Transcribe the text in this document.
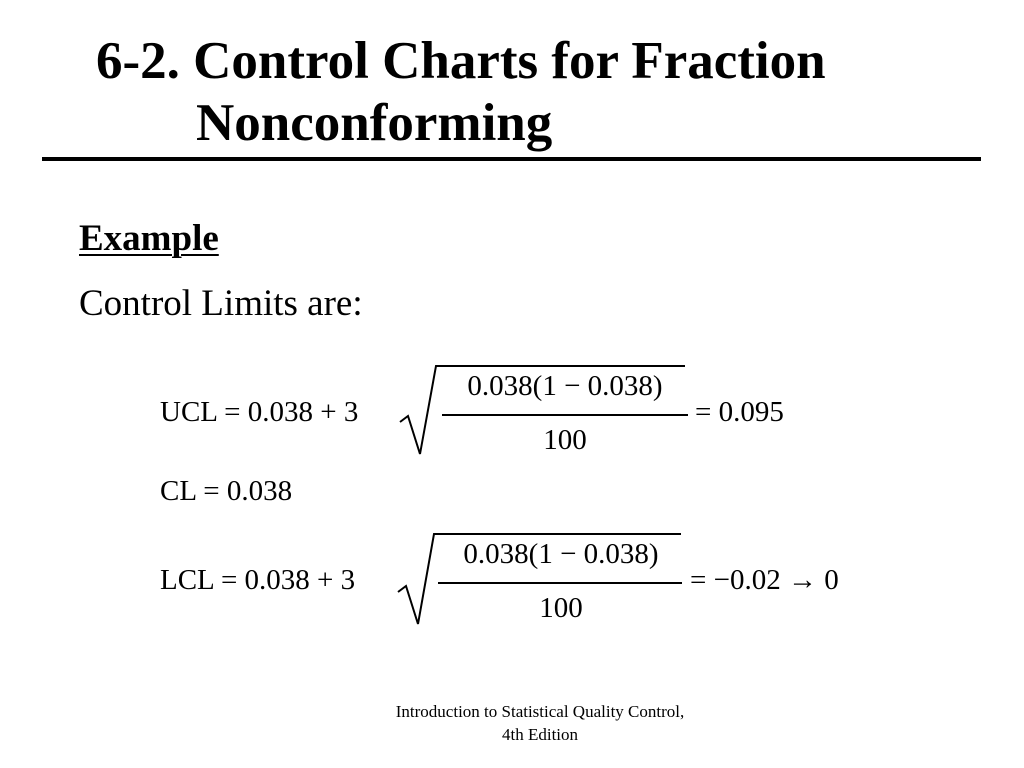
6-2. Control Charts for Fraction
Nonconforming
Example
Control Limits are:
UCL = 0.038 + 3
0.038(1 − 0.038)
100
= 0.095
CL = 0.038
LCL = 0.038 + 3
0.038(1 − 0.038)
100
= −0.02 → 0
Introduction to Statistical Quality Control,
4th Edition
